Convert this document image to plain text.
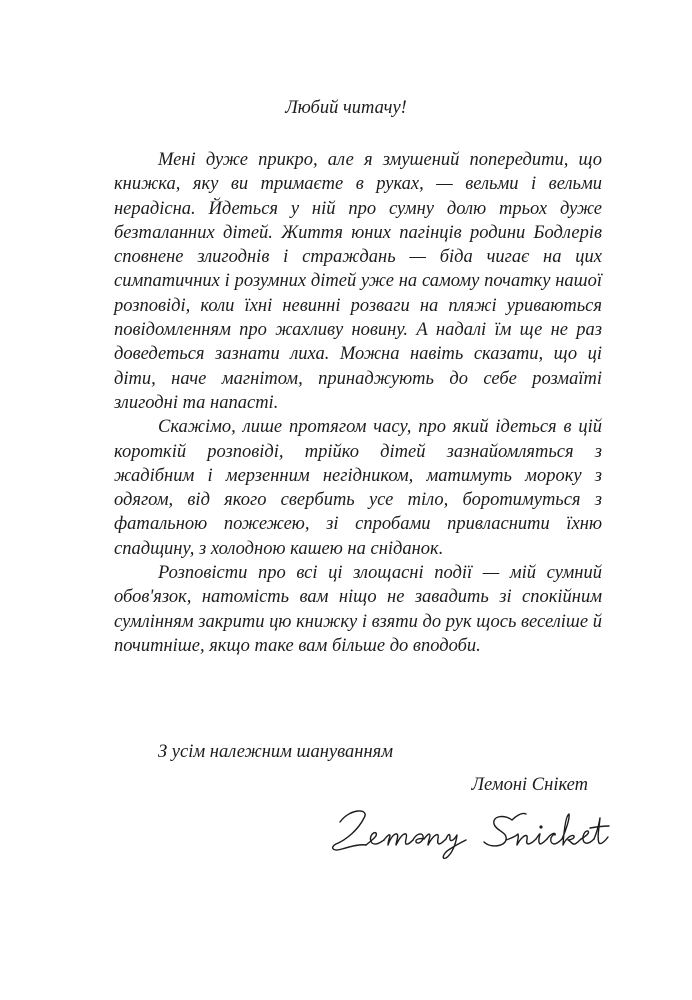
Любий читачу!

Мені дуже прикро, але я змушений попередити, що книжка, яку ви тримаєте в руках, — вельми і вельми нерадісна. Йдеться у ній про сумну долю трьох дуже безталанних дітей. Життя юних пагінців родини Бодлерів сповнене злигоднів і страждань — біда чигає на цих симпатичних і розумних дітей уже на самому початку нашої розповіді, коли їхні невинні розваги на пляжі уриваються повідомленням про жахливу новину. А надалі їм ще не раз доведеться зазнати лиха. Можна навіть сказати, що ці діти, наче магнітом, принаджують до себе розмаїті злигодні та напасті.

Скажімо, лише протягом часу, про який ідеться в цій короткій розповіді, трійко дітей зазнайомляться з жадібним і мерзенним негідником, матимуть мороку з одягом, від якого свербить усе тіло, боротимуться з фатальною пожежею, зі спробами привласнити їхню спадщину, з холодною кашею на сніданок.

Розповісти про всі ці злощасні події — мій сумний обов'язок, натомість вам ніщо не завадить зі спокійним сумлінням закрити цю книжку і взяти до рук щось веселіше й почитніше, якщо таке вам більше до вподоби.

З усім належним шануванням
Лемоні Снікет
